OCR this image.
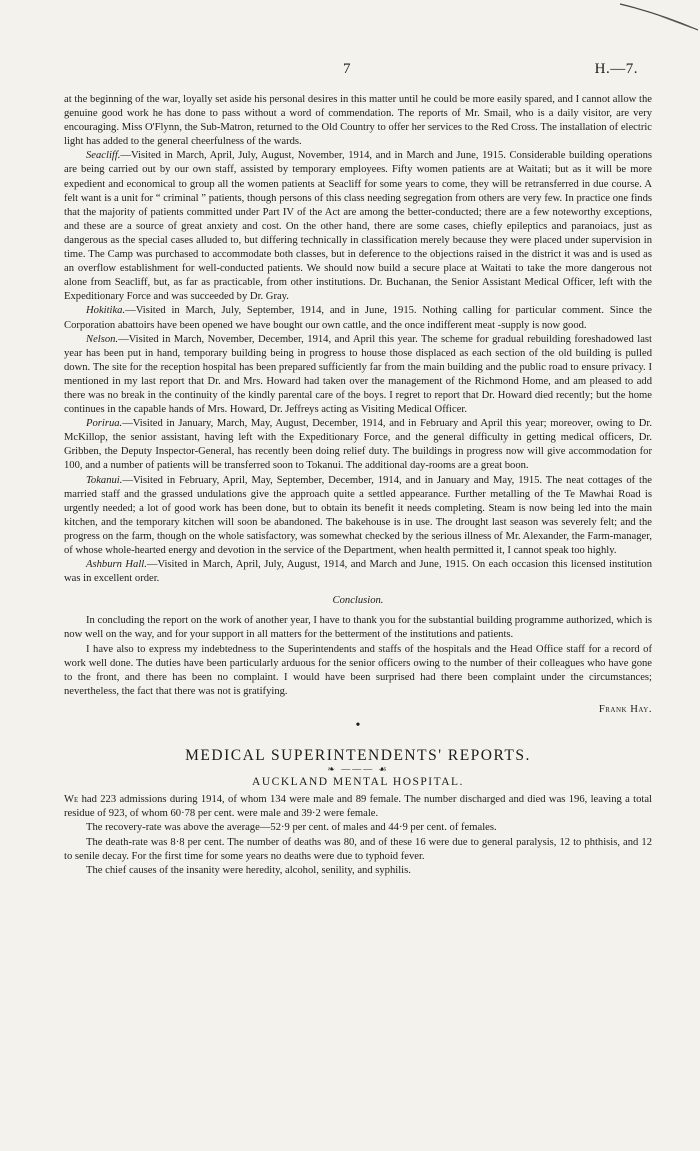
7	H.—7.

at the beginning of the war, loyally set aside his personal desires in this matter until he could be more easily spared, and I cannot allow the genuine good work he has done to pass without a word of commendation. The reports of Mr. Smail, who is a daily visitor, are very encouraging. Miss O'Flynn, the Sub-Matron, returned to the Old Country to offer her services to the Red Cross. The installation of electric light has added to the general cheerfulness of the wards.

Seacliff.—Visited in March, April, July, August, November, 1914, and in March and June, 1915. Considerable building operations are being carried out by our own staff, assisted by temporary employees. Fifty women patients are at Waitati; but as it will be more expedient and economical to group all the women patients at Seacliff for some years to come, they will be retransferred in due course. A felt want is a unit for “ criminal ” patients, though persons of this class needing segregation from others are very few. In practice one finds that the majority of patients committed under Part IV of the Act are among the better-conducted; there are a few noteworthy exceptions, and these are a source of great anxiety and cost. On the other hand, there are some cases, chiefly epileptics and paranoiacs, just as dangerous as the special cases alluded to, but differing technically in classification merely because they were placed under supervision in time. The Camp was purchased to accommodate both classes, but in deference to the objections raised in the district it was and is used as an overflow establishment for well-conducted patients. We should now build a secure place at Waitati to take the more dangerous not alone from Seacliff, but, as far as practicable, from other institutions. Dr. Buchanan, the Senior Assistant Medical Officer, left with the Expeditionary Force and was succeeded by Dr. Gray.

Hokitika.—Visited in March, July, September, 1914, and in June, 1915. Nothing calling for particular comment. Since the Corporation abattoirs have been opened we have bought our own cattle, and the once indifferent meat -supply is now good.

Nelson.—Visited in March, November, December, 1914, and April this year. The scheme for gradual rebuilding foreshadowed last year has been put in hand, temporary building being in progress to house those displaced as each section of the old building is pulled down. The site for the reception hospital has been prepared sufficiently far from the main building and the public road to ensure privacy. I mentioned in my last report that Dr. and Mrs. Howard had taken over the management of the Richmond Home, and am pleased to add there was no break in the continuity of the kindly parental care of the boys. I regret to report that Dr. Howard died recently; but the home continues in the capable hands of Mrs. Howard, Dr. Jeffreys acting as Visiting Medical Officer.

Porirua.—Visited in January, March, May, August, December, 1914, and in February and April this year; moreover, owing to Dr. McKillop, the senior assistant, having left with the Expeditionary Force, and the general difficulty in getting medical officers, Dr. Gribben, the Deputy Inspector-General, has recently been doing relief duty. The buildings in progress now will give accommodation for 100, and a number of patients will be transferred soon to Tokanui. The additional day-rooms are a great boon.

Tokanui.—Visited in February, April, May, September, December, 1914, and in January and May, 1915. The neat cottages of the married staff and the grassed undulations give the approach quite a settled appearance. Further metalling of the Te Mawhai Road is urgently needed; a lot of good work has been done, but to obtain its benefit it needs completing. Steam is now being led into the main kitchen, and the temporary kitchen will soon be abandoned. The bakehouse is in use. The drought last season was severely felt; and the progress on the farm, though on the whole satisfactory, was somewhat checked by the serious illness of Mr. Alexander, the Farm-manager, of whose whole-hearted energy and devotion in the service of the Department, when health permitted it, I cannot speak too highly.

Ashburn Hall.—Visited in March, April, July, August, 1914, and March and June, 1915. On each occasion this licensed institution was in excellent order.

Conclusion.

In concluding the report on the work of another year, I have to thank you for the substantial building programme authorized, which is now well on the way, and for your support in all matters for the betterment of the institutions and patients.

I have also to express my indebtedness to the Superintendents and staffs of the hospitals and the Head Office staff for a record of work well done. The duties have been particularly arduous for the senior officers owing to the number of their colleagues who have gone to the front, and there has been no complaint. I would have been surprised had there been complaint under the circumstances; nevertheless, the fact that there was not is gratifying.

Frank Hay.

•

MEDICAL SUPERINTENDENTS' REPORTS.

❧ ——— ☙

AUCKLAND MENTAL HOSPITAL.

We had 223 admissions during 1914, of whom 134 were male and 89 female. The number discharged and died was 196, leaving a total residue of 923, of whom 60·78 per cent. were male and 39·2 were female.

The recovery-rate was above the average—52·9 per cent. of males and 44·9 per cent. of females.

The death-rate was 8·8 per cent. The number of deaths was 80, and of these 16 were due to general paralysis, 12 to phthisis, and 12 to senile decay. For the first time for some years no deaths were due to typhoid fever.

The chief causes of the insanity were heredity, alcohol, senility, and syphilis.
